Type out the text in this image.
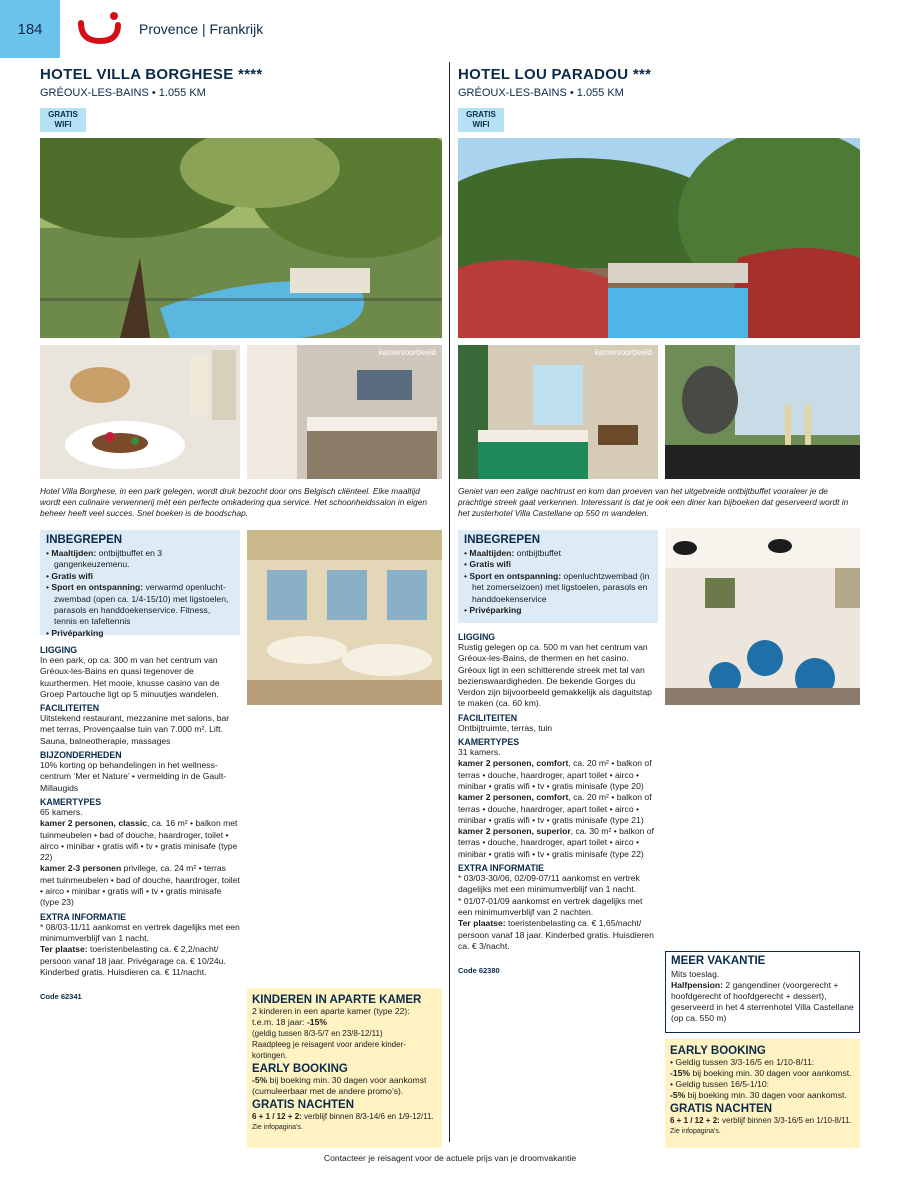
184	Provence | Frankrijk
HOTEL VILLA BORGHESE ****
GRÉOUX-LES-BAINS • 1.055 KM
GRATIS WIFI
kamervoorbeeld
Hotel Villa Borghese, in een park gelegen, wordt druk bezocht door ons Belgisch cliënteel. Elke maaltijd wordt een culinaire verwennerij mét een perfecte omkadering qua service. Het schoonheidssalon in eigen beheer heeft veel succes. Snel boeken is de boodschap.
INBEGREPEN
• Maaltijden: ontbijtbuffet en 3 gangenkeuzemenu.
• Gratis wifi
• Sport en ontspanning: verwarmd openlucht-zwembad (open ca. 1/4-15/10) met ligstoelen, parasols en handdoekenservice. Fitness, tennis en tafeltennis
• Privéparking
LIGGING
In een park, op ca. 300 m van het centrum van Gréoux-les-Bains en quasi tegenover de kuurthermen. Het mooie, knusse casino van de Groep Partouche ligt op 5 minuutjes wandelen.
FACILITEITEN
Uitstekend restaurant, mezzanine met salons, bar met terras, Provençaalse tuin van 7.000 m². Lift. Sauna, balneotherapie, massages
BIJZONDERHEDEN
10% korting op behandelingen in het wellness-centrum ‘Mer et Nature’ • vermelding in de Gault-Millaugids
KAMERTYPES
65 kamers.
kamer 2 personen, classic, ca. 16 m² • balkon met tuinmeubelen • bad of douche, haardroger, toilet • airco • minibar • gratis wifi • tv • gratis minisafe (type 22)
kamer 2-3 personen privilege, ca. 24 m² • terras met tuinmeubelen • bad of douche, haardroger, toilet • airco • minibar • gratis wifi • tv • gratis minisafe (type 23)
EXTRA INFORMATIE
* 08/03-11/11 aankomst en vertrek dagelijks met een minimumverblijf van 1 nacht.
Ter plaatse: toeristenbelasting ca. € 2,2/nacht/ persoon vanaf 18 jaar. Privégarage ca. € 10/24u. Kinderbed gratis. Huisdieren ca. € 11/nacht.
Code 62341	KINDEREN IN APARTE KAMER
2 kinderen in een aparte kamer (type 22):
t.e.m. 18 jaar: -15%
(geldig tussen 8/3-5/7 en 23/8-12/11)
Raadpleeg je reisagent voor andere kinder-kortingen.
EARLY BOOKING
-5% bij boeking min. 30 dagen voor aankomst
(cumuleerbaar met de andere promo’s).
GRATIS NACHTEN
6 + 1 / 12 + 2: verblijf binnen 8/3-14/6 en 1/9-12/11.
Zie infopagina’s.
HOTEL LOU PARADOU ***
GRÉOUX-LES-BAINS • 1.055 KM
GRATIS WIFI
kamervoorbeeld
Geniet van een zalige nachtrust en kom dan proeven van het uitgebreide ontbijtbuffet vooraleer je de prachtige streek gaat verkennen. Interessant is dat je ook een diner kan bijboeken dat geserveerd wordt in het zusterhotel Villa Castellane op 550 m wandelen.
INBEGREPEN
• Maaltijden: ontbijtbuffet
• Gratis wifi
• Sport en ontspanning: openluchtzwembad (in het zomerseizoen) met ligstoelen, parasols en handdoekenservice
• Privéparking
LIGGING
Rustig gelegen op ca. 500 m van het centrum van Gréoux-les-Bains, de thermen en het casino. Gréoux ligt in een schitterende streek met tal van bezienswaardigheden. De bekende Gorges du Verdon zijn bijvoorbeeld gemakkelijk als daguitstap te maken (ca. 60 km).
FACILITEITEN
Ontbijtruimte, terras, tuin
KAMERTYPES
31 kamers.
kamer 2 personen, comfort, ca. 20 m² • balkon of terras • douche, haardroger, apart toilet • airco • minibar • gratis wifi • tv • gratis minisafe (type 20)
kamer 2 personen, comfort, ca. 20 m² • balkon of terras • douche, haardroger, apart toilet • airco • minibar • gratis wifi • tv • gratis minisafe (type 21)
kamer 2 personen, superior, ca. 30 m² • balkon of terras • douche, haardroger, apart toilet • airco • minibar • gratis wifi • tv • gratis minisafe (type 22)
EXTRA INFORMATIE
* 03/03-30/06, 02/09-07/11 aankomst en vertrek dagelijks met een minimumverblijf van 1 nacht.
* 01/07-01/09 aankomst en vertrek dagelijks met een minimumverblijf van 2 nachten.
Ter plaatse: toeristenbelasting ca. € 1,65/nacht/ persoon vanaf 18 jaar. Kinderbed gratis. Huisdieren ca. € 3/nacht.
Code 62380
MEER VAKANTIE
Mits toeslag.
Halfpension: 2 gangendiner (voorgerecht + hoofdgerecht of hoofdgerecht + dessert), geserveerd in het 4 sterrenhotel Villa Castellane (op ca. 550 m)
EARLY BOOKING
• Geldig tussen 3/3-16/5 en 1/10-8/11:
-15% bij boeking min. 30 dagen voor aankomst.
• Geldig tussen 16/5-1/10:
-5% bij boeking min. 30 dagen voor aankomst.
GRATIS NACHTEN
6 + 1 / 12 + 2: verblijf binnen 3/3-16/5 en 1/10-8/11.
Zie infopagina’s.
Contacteer je reisagent voor de actuele prijs van je droomvakantie
